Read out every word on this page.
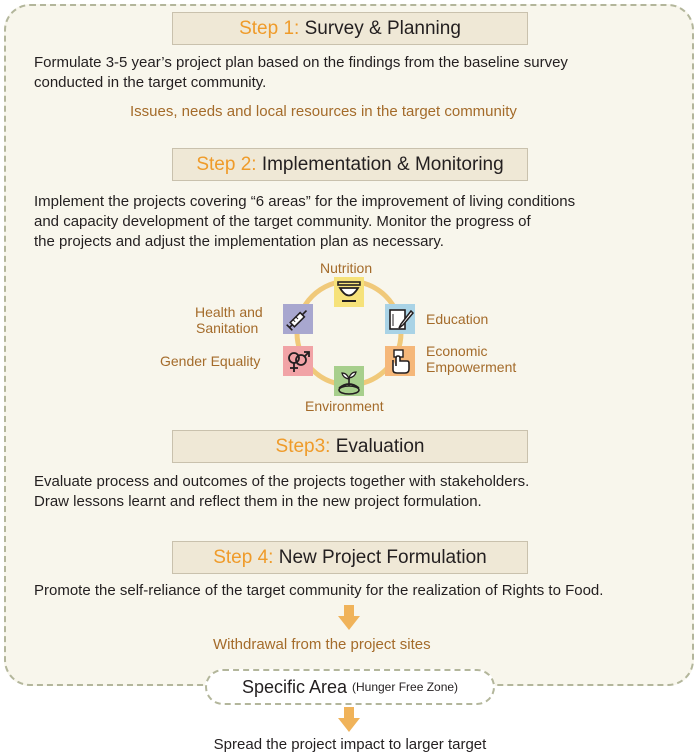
Step 1:
Survey & Planning
Formulate 3-5 year’s project plan based on the findings from the baseline survey
conducted in the target community.
Issues, needs and local resources in the target community
Step 2:
Implementation & Monitoring
Implement the projects covering “6 areas” for the improvement of living conditions
and capacity development of the target community. Monitor the progress of
the projects and adjust the implementation plan as necessary.
Nutrition
Education
Economic
Empowerment
Environment
Gender Equality
Health and
Sanitation
Step3:
Evaluation
Evaluate process and outcomes of the projects together with stakeholders.
Draw lessons learnt and reflect them in the new project formulation.
Step 4:
New Project Formulation
Promote the self-reliance of the target community for the realization of Rights to Food.
Withdrawal from the project sites
Specific Area (Hunger Free Zone)
Spread the project impact to larger target
